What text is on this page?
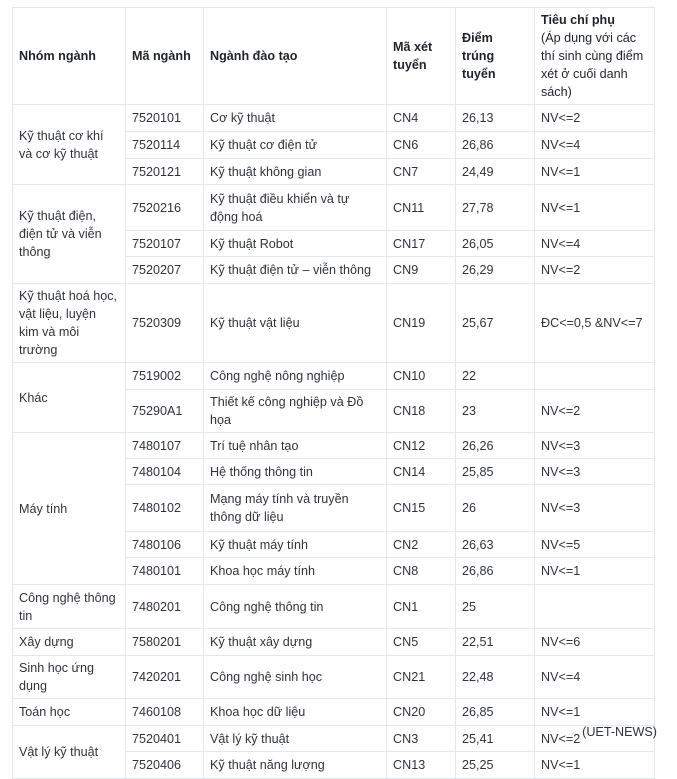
Nhóm ngành	Mã ngành	Ngành đào tạo	Mã xét tuyển	Điểm trúng tuyển	Tiêu chí phụ
(Áp dụng với các thí sinh cùng điểm xét ở cuối danh sách)

Kỹ thuật cơ khí và cơ kỹ thuật	7520101	Cơ kỹ thuật	CN4	26,13	NV<=2
	7520114	Kỹ thuật cơ điện tử	CN6	26,86	NV<=4
	7520121	Kỹ thuật không gian	CN7	24,49	NV<=1
Kỹ thuật điện, điện tử và viễn thông	7520216	Kỹ thuật điều khiển và tự động hoá	CN11	27,78	NV<=1
	7520107	Kỹ thuật Robot	CN17	26,05	NV<=4
	7520207	Kỹ thuật điện tử – viễn thông	CN9	26,29	NV<=2
Kỹ thuật hoá học, vật liệu, luyện kim và môi trường	7520309	Kỹ thuật vật liệu	CN19	25,67	ĐC<=0,5 &NV<=7
Khác	7519002	Công nghệ nông nghiệp	CN10	22	
	75290A1	Thiết kế công nghiệp và Đồ họa	CN18	23	NV<=2
Máy tính	7480107	Trí tuệ nhân tạo	CN12	26,26	NV<=3
	7480104	Hệ thống thông tin	CN14	25,85	NV<=3
	7480102	Mạng máy tính và truyền thông dữ liệu	CN15	26	NV<=3
	7480106	Kỹ thuật máy tính	CN2	26,63	NV<=5
	7480101	Khoa học máy tính	CN8	26,86	NV<=1
Công nghệ thông tin	7480201	Công nghệ thông tin	CN1	25	
Xây dựng	7580201	Kỹ thuật xây dựng	CN5	22,51	NV<=6
Sinh học ứng dụng	7420201	Công nghệ sinh học	CN21	22,48	NV<=4
Toán học	7460108	Khoa học dữ liệu	CN20	26,85	NV<=1
Vật lý kỹ thuật	7520401	Vật lý kỹ thuật	CN3	25,41	NV<=2
	7520406	Kỹ thuật năng lượng	CN13	25,25	NV<=1
(UET-NEWS)
